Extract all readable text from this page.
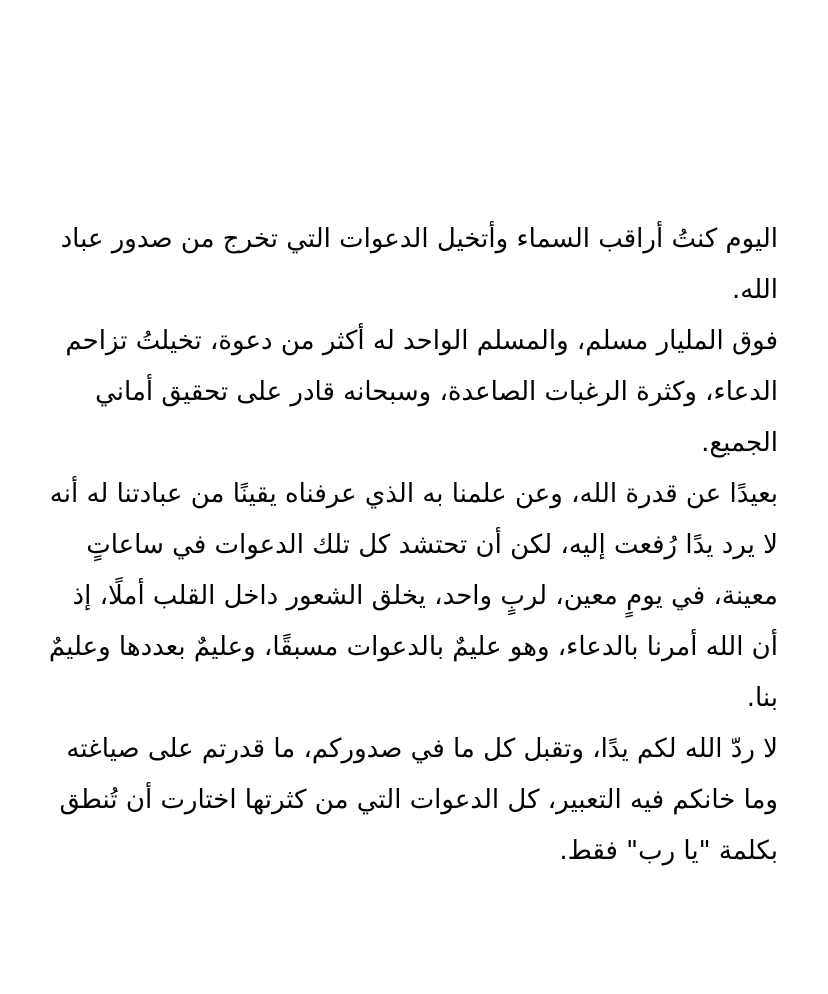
اليوم كنتُ أراقب السماء وأتخيل الدعوات التي تخرج من صدور عباد الله.

فوق المليار مسلم، والمسلم الواحد له أكثر من دعوة، تخيلتُ تزاحم الدعاء، وكثرة الرغبات الصاعدة، وسبحانه قادر على تحقيق أماني الجميع.

بعيدًا عن قدرة الله، وعن علمنا به الذي عرفناه يقينًا من عبادتنا له أنه لا يرد يدًا رُفعت إليه، لكن أن تحتشد كل تلك الدعوات في ساعاتٍ معينة، في يومٍ معين، لربٍ واحد، يخلق الشعور داخل القلب أملًا، إذ أن الله أمرنا بالدعاء، وهو عليمٌ بالدعوات مسبقًا، وعليمٌ بعددها وعليمٌ بنا.

لا ردّ الله لكم يدًا، وتقبل كل ما في صدوركم، ما قدرتم على صياغته وما خانكم فيه التعبير، كل الدعوات التي من كثرتها اختارت أن تُنطق بكلمة "يا رب" فقط.
